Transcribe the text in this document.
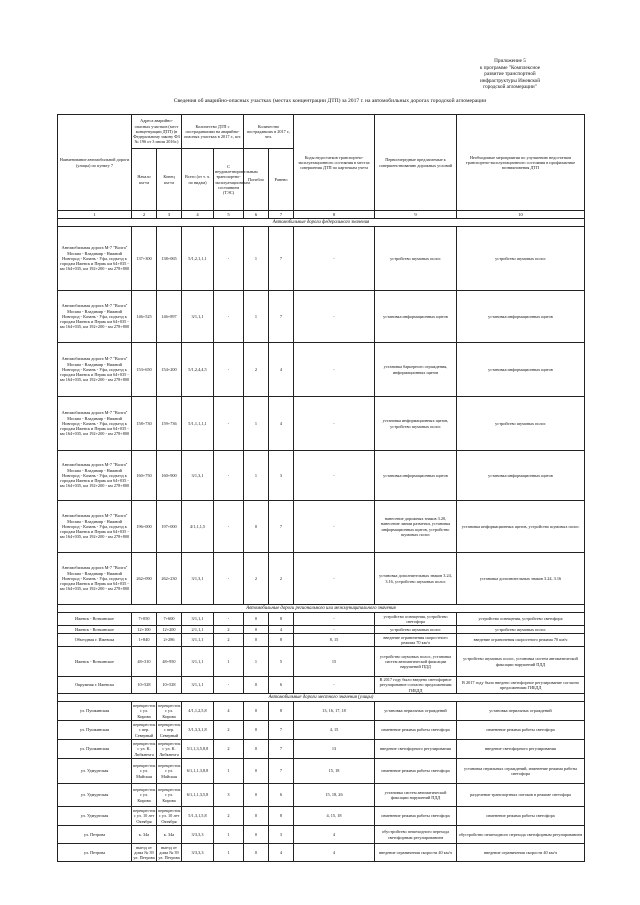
Приложение 5
к программе "Комплексное
развитие транспортной
инфраструктуры Ижевской
городской агломерации"
Сведения об аварийно-опасных участках (местах концентрации ДТП) за 2017 г. на автомобильных дорогах городской агломерации
Наименование автомобильной дороги (улицы) по пункту 7	Адреса аварийно-опасных участков (мест концентрации ДТП) (в Федеральному закону ФЗ № 196 от 3 июля 2016г.)		Количество ДТП с пострадавшими на аварийно-опасных участках в 2017 г., шт.		Количество пострадавших в 2017 г., чел.		Коды недостатков транспортно-эксплуатационного состояния в местах совершения ДТП по карточкам учета	Первоочередные предлагаемые к совершенствованию дорожных условий	Необходимые мероприятия по улучшению недостатков транспортно-эксплуатационного состояния в профилактике возникновения ДТП
	Начало км+м	Конец км+м	Всего (от т. ч. по видам)	С неудовлетворительным транспортно-эксплуатационным состоянием (ТЭС)	Погибло	Ранено			
1	2	3	4	5	6	7	8	9	10
Автомобильные дороги федерального значения									
Автомобильная дорога М-7 "Волга" Москва - Владимир - Нижний Новгород - Казань - Уфа, подъезд к городам Ижевск и Пермь км 64+035 - км 164+035, км 192+200 - км 278+800	137+300	138+065	5/1,2,1,1,1	-	1	7	-	устройство шумовых полос	устройство шумовых полос
Автомобильная дорога М-7 "Волга" Москва - Владимир - Нижний Новгород - Казань - Уфа, подъезд к городам Ижевск и Пермь км 64+035 - км 164+035, км 192+200 - км 278+800	146+525	146+897	3/1,1,1	-	1	7	-	установка информационных щитов	установка информационных щитов
Автомобильная дорога М-7 "Волга" Москва - Владимир - Нижний Новгород - Казань - Уфа, подъезд к городам Ижевск и Пермь км 64+035 - км 164+035, км 192+200 - км 278+800	153+650	154+200	5/1,2,4,4,5	-	2	4	-	установка барьерного ограждения, информационных щитов	установка информационных щитов
Автомобильная дорога М-7 "Волга" Москва - Владимир - Нижний Новгород - Казань - Уфа, подъезд к городам Ижевск и Пермь км 64+035 - км 164+035, км 192+200 - км 278+800	158+730	159+736	5/1,1,1,1,1	-	1	4	-	установка информационных щитов, устройство шумовых полос	устройство шумовых полос
Автомобильная дорога М-7 "Волга" Москва - Владимир - Нижний Новгород - Казань - Уфа, подъезд к городам Ижевск и Пермь км 64+035 - км 164+035, км 192+200 - км 278+800	160+750	160+900	3/1,3,1	-	1	3	-	установка информационных щитов	установка информационных щитов
Автомобильная дорога М-7 "Волга" Москва - Владимир - Нижний Новгород - Казань - Уфа, подъезд к городам Ижевск и Пермь км 64+035 - км 164+035, км 192+200 - км 278+800	196+000	197+000	4/1,1,1,5	-	0	7	-	нанесение дорожных знаков 3.20, нанесение линии разметки, установка информационных щитов, устройство шумовых полос	установка информационных щитов, устройство шумовых полос
Автомобильная дорога М-7 "Волга" Москва - Владимир - Нижний Новгород - Казань - Уфа, подъезд к городам Ижевск и Пермь км 64+035 - км 164+035, км 192+200 - км 278+800	262+090	262+230	3/1,3,1	-	2	2	-	установка дополнительных знаков 3.24, 3.16, устройство шумовых полос	установка дополнительных знаков 3.24, 3.16
Автомобильные дороги регионального или межмуниципального значения									
Ижевск - Воткинское	7+050	7+600	3/1,1,1	-	0	8	-	устройство освещения, устройство светофора	устройство освещения, устройство светофора
Ижевск - Воткинское	12+100	12+200	2/1,1,1	2	0	4	-	устройство шумовых полос	устройство шумовых полос
Объездная г. Ижевска	1+840	2+286	3/1,1,1	2	0	8	8, 15	введение ограничения скоростного режима 70 км/ч	введение ограничения скоростного режима 70 км/ч
Ижевск - Воткинское	48+310	48+950	3/1,1,1	1	1	5	15	устройство шумовых полос, установка систем автоматической фиксации нарушений ПДД	устройство шумовых полос, установка систем автоматической фиксации нарушений ПДД
Окружная г. Ижевска	10+528	10+528	3/1,1,1	-	0	6	-	В 2017 году было введено светофорное регулирование согласно предложениям ГИБДД	В 2017 году было введено светофорное регулирование согласно предложениям ГИБДД
Автомобильные дороги местного значения (улицы)									
ул. Пушкинская	перекресток с ул. Кирова	перекресток с ул. Кирова	4/1,1,2,5,8	4	0	8	13, 16, 17, 18	установка перильных ограждений	установка перильных ограждений
ул. Пушкинская	перекресток с пер. Северный	перекресток с пер. Северный	3/1,3,3,1,8	2	0	7	4, 15	изменение режима работы светофора	изменение режима работы светофора
ул. Пушкинская	перекресток с ул. К. Либкнехта	перекресток с ул. К. Либкнехта	5/1,1,3,5,8,8	2	0	7	13	введение светофорного регулирования	введение светофорного регулирования
ул. Удмуртская	перекресток с ул. Майская	перекресток с ул. Майская	6/1,1,1,3,8,8	1	0	7	15, 18	изменение режима работы светофора	установка перильных ограждений, изменение режима работы светофора
ул. Удмуртская	перекресток с ул. Кирова	перекресток с ул. Кирова	6/1,1,1,3,5,8	3	0	6	15, 18, 26	установка систем автоматической фиксации нарушений ПДД	разделение транспортных потоков в режиме светофора
ул. Удмуртская	перекресток с ул. 10 лет Октября	перекресток с ул. 10 лет Октября	5/1,3,1,5,8	2	0	8	4, 15, 18	изменение режима работы светофора	изменение режима работы светофора
ул. Петрова	к. 34а	к. 34а	3/3,3,3	1	0	3	4	обустройство пешеходного перехода светофорным регулированием	обустройство пешеходного перехода светофорным регулированием
ул. Петрова	выезд от дома № 39 ул. Петрова	выезд от дома № 39 ул. Петрова	3/3,3,3	1	0	4	4	введение ограничения скорости 40 км/ч	введение ограничения скорости 40 км/ч
